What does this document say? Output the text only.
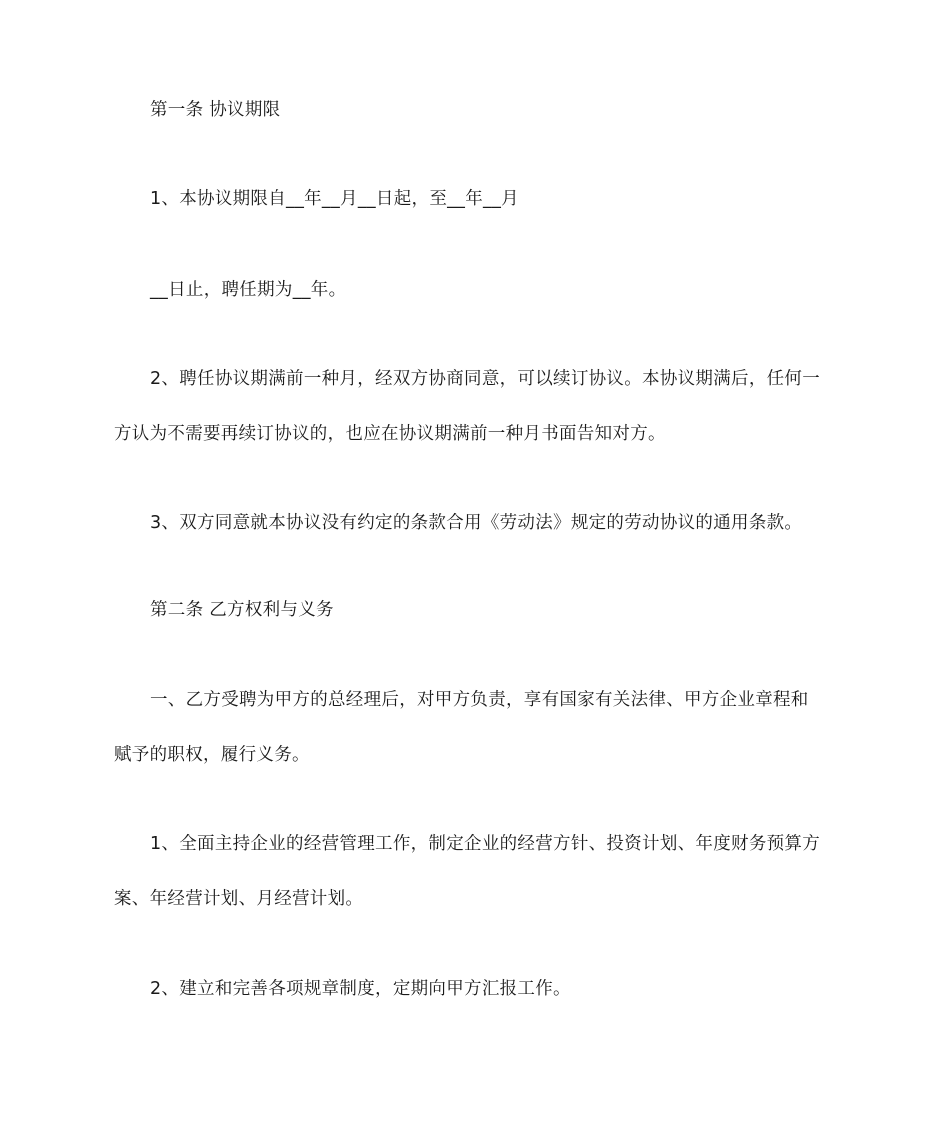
第一条 协议期限
1、本协议期限自__年__月__日起，至__年__月
__日止，聘任期为__年。
2、聘任协议期满前一种月，经双方协商同意，可以续订协议。本协议期满后，任何一
方认为不需要再续订协议的，也应在协议期满前一种月书面告知对方。
3、双方同意就本协议没有约定的条款合用《劳动法》规定的劳动协议的通用条款。
第二条 乙方权利与义务
一、乙方受聘为甲方的总经理后，对甲方负责，享有国家有关法律、甲方企业章程和
赋予的职权，履行义务。
1、全面主持企业的经营管理工作，制定企业的经营方针、投资计划、年度财务预算方
案、年经营计划、月经营计划。
2、建立和完善各项规章制度，定期向甲方汇报工作。
